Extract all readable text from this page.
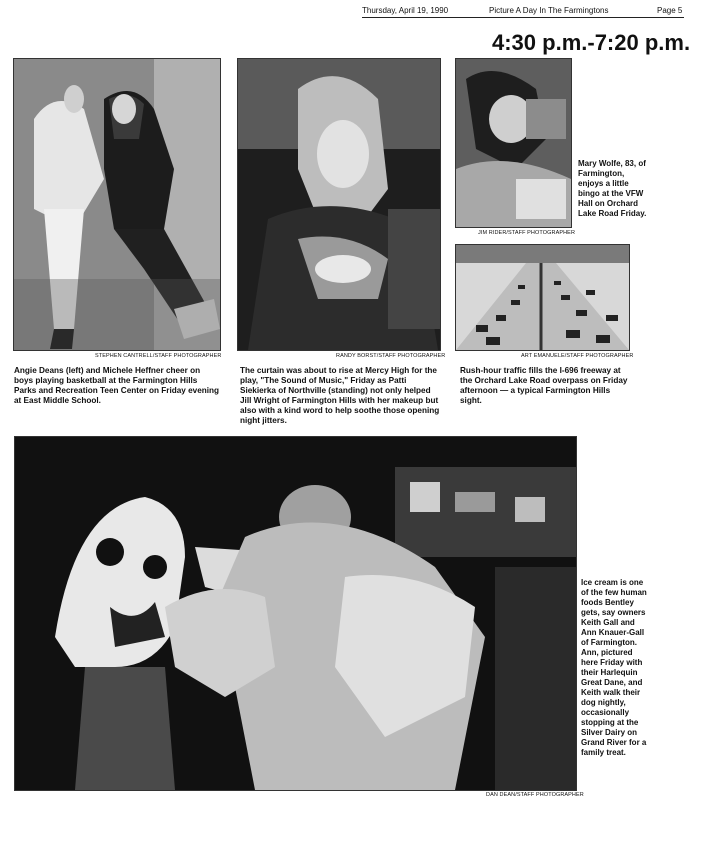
Thursday, April 19, 1990	Picture A Day In The Farmingtons	Page 5
4:30 p.m.-7:20 p.m.
STEPHEN CANTRELL/STAFF PHOTOGRAPHER
Angie Deans (left) and Michele Heffner cheer on boys playing basketball at the Farmington Hills Parks and Recreation Teen Center on Friday evening at East Middle School.
RANDY BORST/STAFF PHOTOGRAPHER
The curtain was about to rise at Mercy High for the play, "The Sound of Music," Friday as Patti Siekierka of Northville (standing) not only helped Jill Wright of Farmington Hills with her makeup but also with a kind word to help soothe those opening night jitters.
JIM RIDER/STAFF PHOTOGRAPHER
Mary Wolfe, 83, of Farmington, enjoys a little bingo at the VFW Hall on Orchard Lake Road Friday.
ART EMANUELE/STAFF PHOTOGRAPHER
Rush-hour traffic fills the I-696 freeway at the Orchard Lake Road overpass on Friday afternoon — a typical Farmington Hills sight.
DAN DEAN/STAFF PHOTOGRAPHER
Ice cream is one of the few human foods Bentley gets, say owners Keith Gall and Ann Knauer-Gall of Farmington. Ann, pictured here Friday with their Harlequin Great Dane, and Keith walk their dog nightly, occasionally stopping at the Silver Dairy on Grand River for a family treat.
